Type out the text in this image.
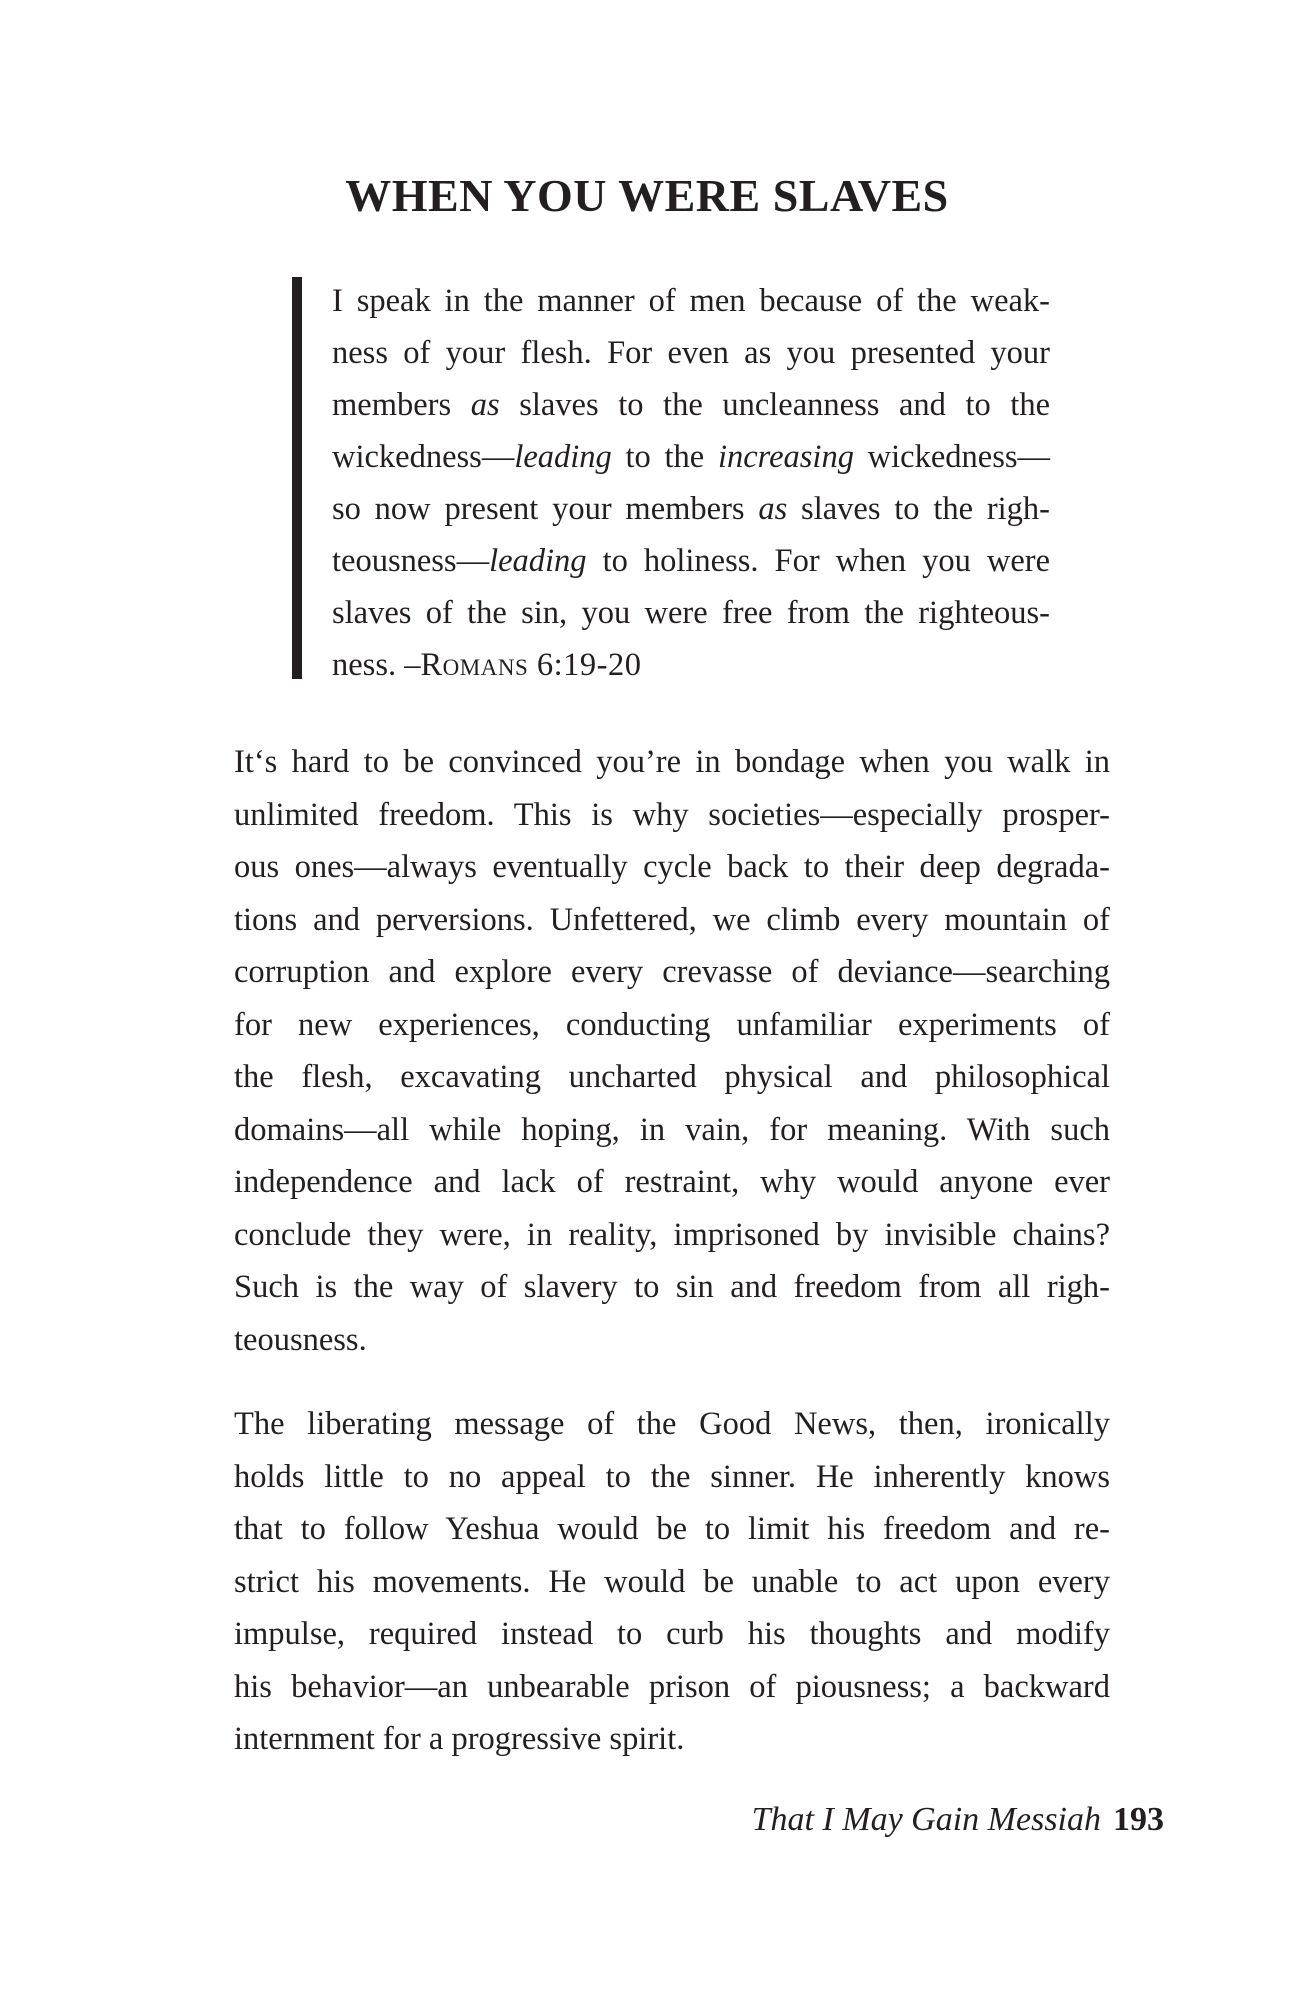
WHEN YOU WERE SLAVES
I speak in the manner of men because of the weak-
ness of your flesh. For even as you presented your
members as slaves to the uncleanness and to the
wickedness—leading to the increasing wickedness—
so now present your members as slaves to the righ-
teousness—leading to holiness. For when you were
slaves of the sin, you were free from the righteous-
ness. –Romans 6:19-20
It‘s hard to be convinced you’re in bondage when you walk in
unlimited freedom. This is why societies—especially prosper-
ous ones—always eventually cycle back to their deep degrada-
tions and perversions. Unfettered, we climb every mountain of
corruption and explore every crevasse of deviance—searching
for new experiences, conducting unfamiliar experiments of
the flesh, excavating uncharted physical and philosophical
domains—all while hoping, in vain, for meaning. With such
independence and lack of restraint, why would anyone ever
conclude they were, in reality, imprisoned by invisible chains?
Such is the way of slavery to sin and freedom from all righ-
teousness.
The liberating message of the Good News, then, ironically
holds little to no appeal to the sinner. He inherently knows
that to follow Yeshua would be to limit his freedom and re-
strict his movements. He would be unable to act upon every
impulse, required instead to curb his thoughts and modify
his behavior—an unbearable prison of piousness; a backward
internment for a progressive spirit.
That I May Gain Messiah 193
